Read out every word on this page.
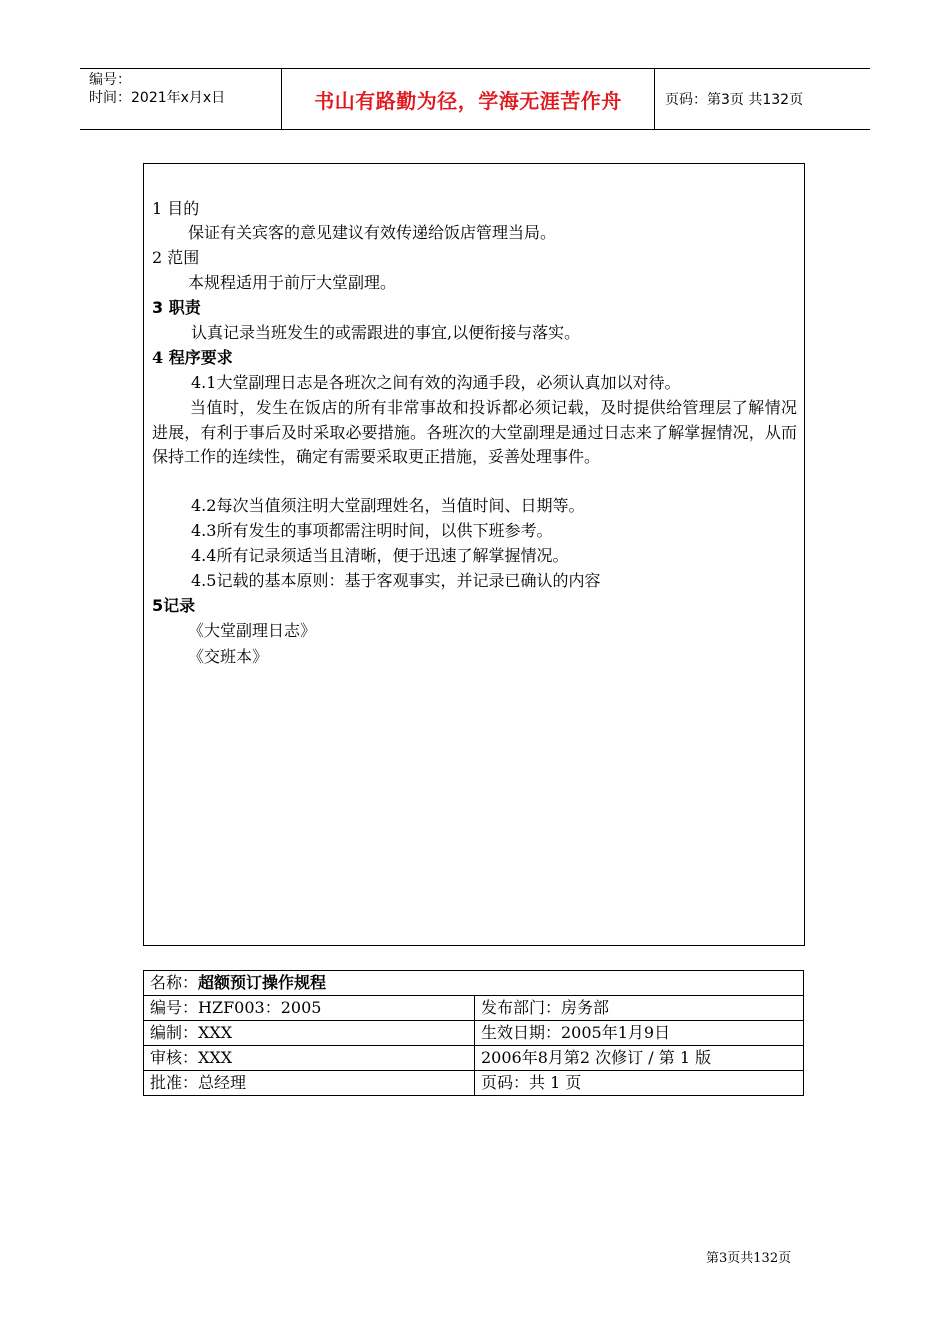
编号：
时间：2021年x月x日	书山有路勤为径，学海无涯苦作舟	页码：第3页 共132页
1 目的
保证有关宾客的意见建议有效传递给饭店管理当局。
2 范围
本规程适用于前厅大堂副理。
3 职责
认真记录当班发生的或需跟进的事宜,以便衔接与落实。
4 程序要求
4.1大堂副理日志是各班次之间有效的沟通手段，必须认真加以对待。
当值时，发生在饭店的所有非常事故和投诉都必须记载，及时提供给管理层了解情况进展，有利于事后及时采取必要措施。各班次的大堂副理是通过日志来了解掌握情况，从而保持工作的连续性，确定有需要采取更正措施，妥善处理事件。
4.2每次当值须注明大堂副理姓名，当值时间、日期等。
4.3所有发生的事项都需注明时间，以供下班参考。
4.4所有记录须适当且清晰，便于迅速了解掌握情况。
4.5记载的基本原则：基于客观事实，并记录已确认的内容
5记录
《大堂副理日志》
《交班本》
名称：超额预订操作规程	
编号：HZF003：2005	发布部门：房务部
编制：XXX	生效日期：2005年1月9日
审核：XXX	2006年8月第2 次修订 / 第 1 版
批准：总经理	页码：共 1 页
第3页共132页
